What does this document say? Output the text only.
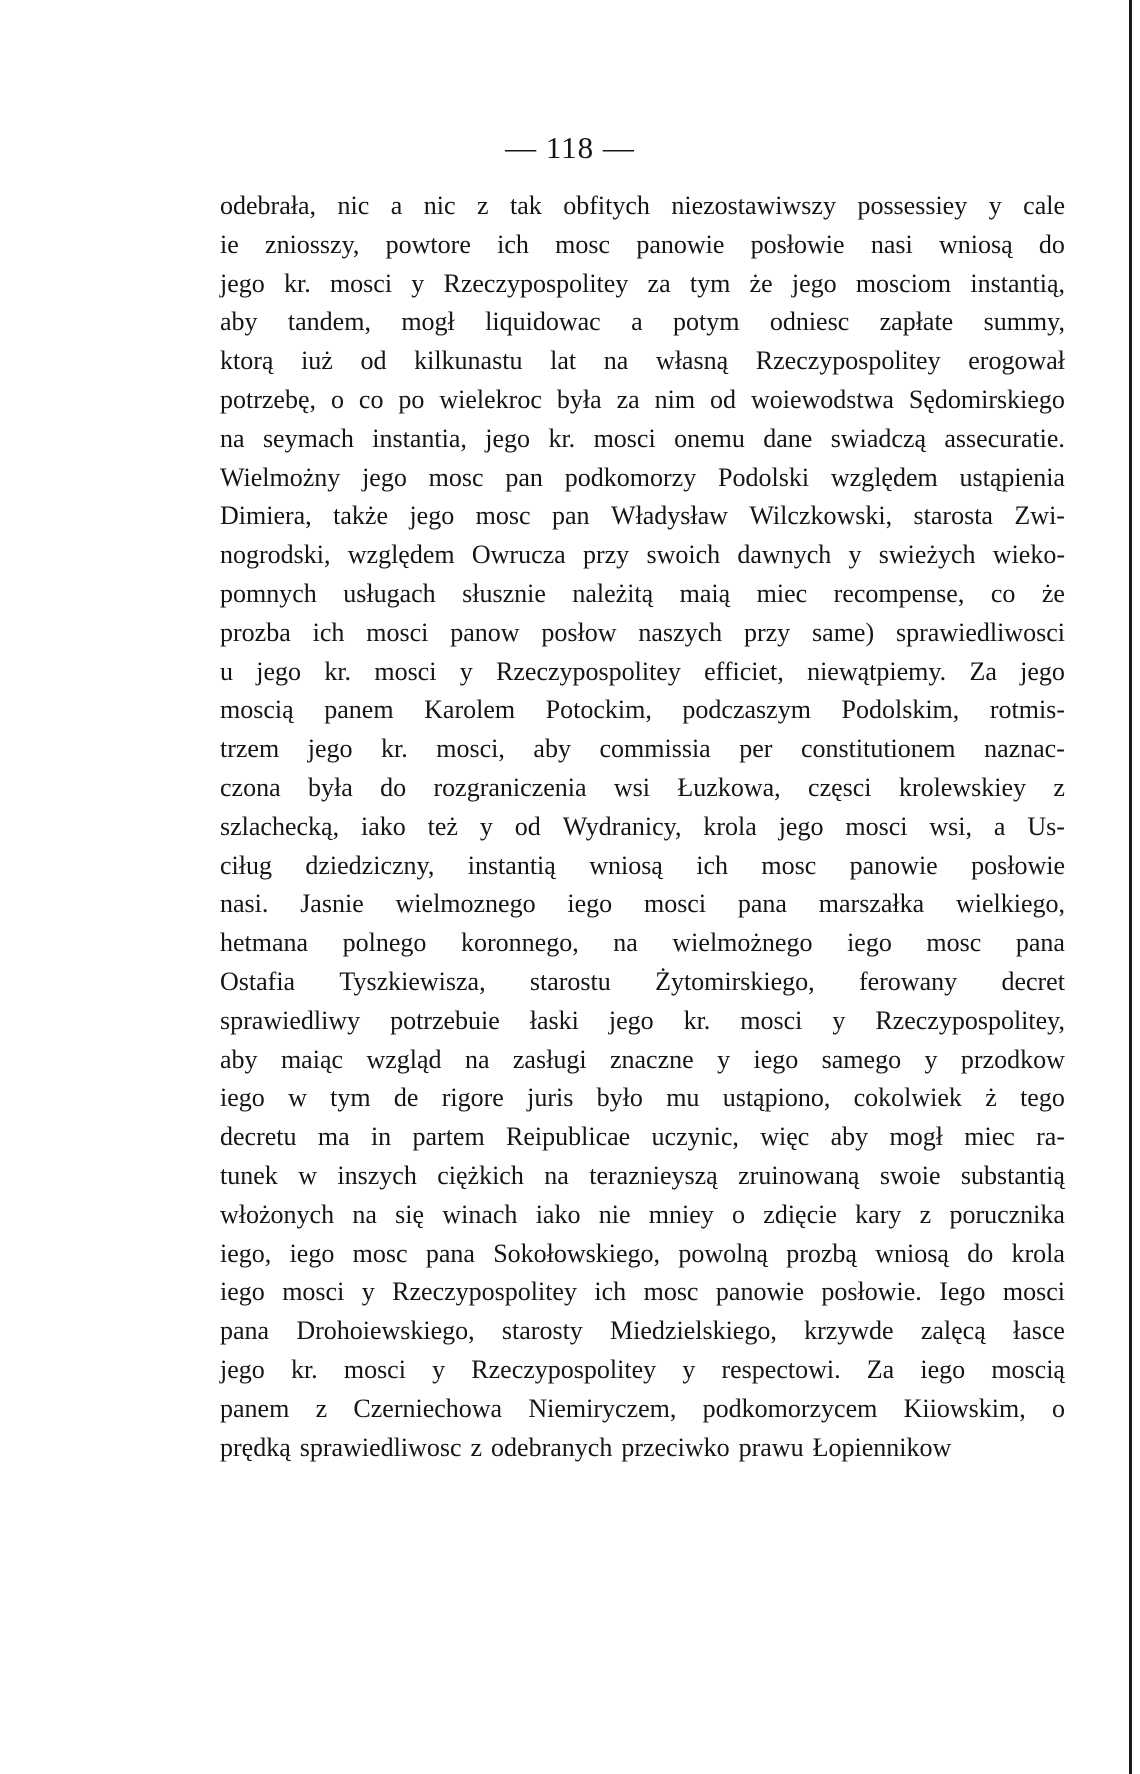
— 118 —
odebrała, nic a nic z tak obfitych niezostawiwszy possessiey y cale
ie zniosszy, powtore ich mosc panowie posłowie nasi wniosą do
jego kr. mosci y Rzeczypospolitey za tym że jego mosciom instantią,
aby tandem, mogł liquidowac a potym odniesc zapłate summy,
ktorą iuż od kilkunastu lat na własną Rzeczypospolitey erogował
potrzebę, o co po wielekroc była za nim od woiewodstwa Sędomirskiego
na seymach instantia, jego kr. mosci onemu dane swiadczą assecuratie.
Wielmożny jego mosc pan podkomorzy Podolski względem ustąpienia
Dimiera, także jego mosc pan Władysław Wilczkowski, starosta Zwi-
nogrodski, względem Owrucza przy swoich dawnych y swieżych wieko-
pomnych usługach słusznie należitą maią miec recompense, co że
prozba ich mosci panow posłow naszych przy same) sprawiedliwosci
u jego kr. mosci y Rzeczypospolitey efficiet, niewątpiemy. Za jego
moscią panem Karolem Potockim, podczaszym Podolskim, rotmis-
trzem jego kr. mosci, aby commissia per constitutionem naznac-
czona była do rozgraniczenia wsi Łuzkowa, częsci krolewskiey z
szlachecką, iako też y od Wydranicy, krola jego mosci wsi, a Us-
ciług dziedziczny, instantią wniosą ich mosc panowie posłowie
nasi. Jasnie wielmoznego iego mosci pana marszałka wielkiego,
hetmana polnego koronnego, na wielmożnego iego mosc pana
Ostafia Tyszkiewisza, starostu Żytomirskiego, ferowany decret
sprawiedliwy potrzebuie łaski jego kr. mosci y Rzeczypospolitey,
aby maiąc wzgląd na zasługi znaczne y iego samego y przodkow
iego w tym de rigore juris było mu ustąpiono, cokolwiek ż tego
decretu ma in partem Reipublicae uczynic, więc aby mogł miec ra-
tunek w inszych ciężkich na teraznieyszą zruinowaną swoie substantią
włożonych na się winach iako nie mniey o zdięcie kary z porucznika
iego, iego mosc pana Sokołowskiego, powolną prozbą wniosą do krola
iego mosci y Rzeczypospolitey ich mosc panowie posłowie. Iego mosci
pana Drohoiewskiego, starosty Miedzielskiego, krzywde zalęcą łasce
jego kr. mosci y Rzeczypospolitey y respectowi. Za iego moscią
panem z Czerniechowa Niemiryczem, podkomorzycem Kiiowskim, o
prędką sprawiedliwosc z odebranych przeciwko prawu Łopiennikow
